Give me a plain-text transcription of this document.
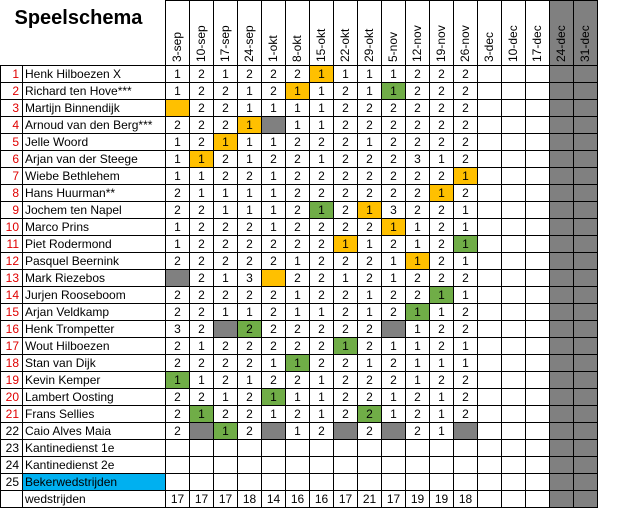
Speelschema		3-sep	10-sep	17-sep	24-sep	1-okt	8-okt	15-okt	22-okt	29-okt	5-nov	12-nov	19-nov	26-nov	3-dec	10-dec	17-dec	24-dec	31-dec

1	Henk Hilboezen X	1	2	1	2	2	2	1	1	1	1	2	2	2					
2	Richard ten Hove***	1	2	2	1	2	1	1	2	1	1	2	2	2					
3	Martijn Binnendijk		2	2	1	1	1	1	2	2	2	2	2	2					
4	Arnoud van den Berg***	2	2	2	1		1	1	2	2	2	2	2	2					
5	Jelle Woord	1	2	1	1	1	2	2	2	1	2	2	2	2					
6	Arjan van der Steege	1	1	2	1	2	2	1	2	2	2	3	1	2					
7	Wiebe Bethlehem	1	1	2	2	1	2	2	2	2	2	2	2	1					
8	Hans Huurman**	2	1	1	1	1	2	2	2	2	2	2	1	2					
9	Jochem ten Napel	2	2	1	1	1	2	1	2	1	3	2	2	1					
10	Marco Prins	1	2	2	2	1	2	2	2	2	1	1	2	1					
11	Piet Rodermond	1	2	2	2	2	2	2	1	1	2	1	2	1					
12	Pasquel Beernink	2	2	2	2	2	1	2	2	2	1	1	2	1					
13	Mark Riezebos		2	1	3		2	2	1	2	1	2	2	2					
14	Jurjen Rooseboom	2	2	2	2	2	1	2	2	1	2	2	1	1					
15	Arjan Veldkamp	2	2	1	1	2	1	1	2	1	2	1	1	2					
16	Henk Trompetter	3	2		2	2	2	2	2	2		1	2	2					
17	Wout Hilboezen	2	1	2	2	2	2	2	1	2	1	1	2	1					
18	Stan van Dijk	2	2	2	2	1	1	2	2	1	2	1	1	1					
19	Kevin Kemper	1	1	2	1	2	2	1	2	2	2	1	2	2					
20	Lambert Oosting	2	2	1	2	1	1	1	2	2	1	2	1	2					
21	Frans Sellies	2	1	2	2	1	2	1	2	2	1	2	1	2					
22	Caio Alves Maia	2		1	2		1	2		2		2	1						
23	Kantinedienst 1e																		
24	Kantinedienst 2e																		
25	Bekerwedstrijden																		
	wedstrijden	17	17	17	18	14	16	16	17	21	17	19	19	18					
